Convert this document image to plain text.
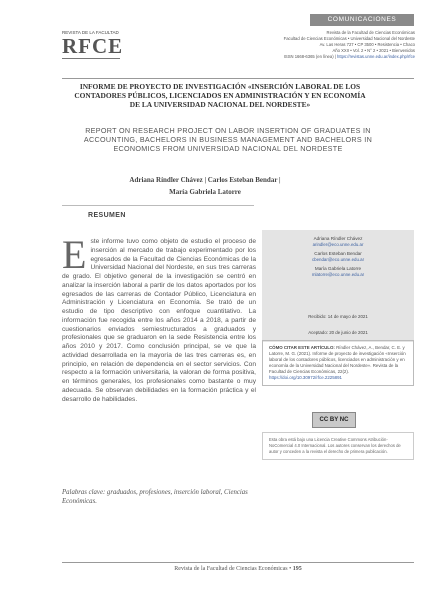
COMUNICACIONES
REVISTA DE LA FACULTAD
RFCE
Revista de la Facultad de Ciencias Económicas
Facultad de Ciencias Económicas • Universidad Nacional del Nordeste
Av. Las Heras 727 • CP 3500 • Resistencia • Chaco
Año XXII • Vol. 2 • N° 2 • 2021 • Bienvenidos
ISSN 1668-6365 (en línea) | https://revistas.unne.edu.ar/index.php/rfce
INFORME DE PROYECTO DE INVESTIGACIÓN «INSERCIÓN LABORAL DE LOS CONTADORES PÚBLICOS, LICENCIADOS EN ADMINISTRACIÓN Y EN ECONOMÍA DE LA UNIVERSIDAD NACIONAL DEL NORDESTE»
REPORT ON RESEARCH PROJECT ON LABOR INSERTION OF GRADUATES IN ACCOUNTING, BACHELORS IN BUSINESS MANAGEMENT AND BACHELORS IN ECONOMICS FROM UNIVERSIDAD NACIONAL DEL NORDESTE
Adriana Ríndler Chávez | Carlos Esteban Bendar |
María Gabriela Latorre
RESUMEN
Este informe tuvo como objeto de estudio el proceso de inserción al mercado de trabajo experimentado por los egresados de la Facultad de Ciencias Económicas de la Universidad Nacional del Nordeste, en sus tres carreras de grado. El objetivo general de la investigación se centró en analizar la inserción laboral a partir de los datos aportados por los egresados de las carreras de Contador Público, Licenciatura en Administración y Licenciatura en Economía. Se trató de un estudio de tipo descriptivo con enfoque cuantitativo. La información fue recogida entre los años 2014 a 2018, a partir de cuestionarios enviados semiestructurados a graduados y profesionales que se graduaron en la sede Resistencia entre los años 2010 y 2017. Como conclusión principal, se ve que la actividad desarrollada en la mayoría de las tres carreras es, en principio, en relación de dependencia en el sector servicios. Con respecto a la formación universitaria, la valoran de forma positiva, en términos generales, los profesionales como bastante o muy adecuada. Se observan debilidades en la formación práctica y el desarrollo de habilidades.
Palabras clave: graduados, profesiones, inserción laboral, Ciencias Económicas.
Adriana Ríndler Chávez
arindler@eco.unne.edu.ar
Carlos Esteban Bendar
cbendar@eco.unne.edu.ar
María Gabriela Latorre
mlatorre@eco.unne.edu.ar
Recibido: 14 de mayo de 2021
Aceptado: 20 de junio de 2021
CÓMO CITAR ESTE ARTÍCULO: Ríndler Chávez, A., Bendar, C. E. y Latorre, M. G. (2021). Informe de proyecto de investigación «Inserción laboral de los contadores públicos, licenciados en administración y en economía de la Universidad Nacional del Nordeste». Revista de la Facultad de Ciencias Económicas, 22(2). https://doi.org/10.30972/rfce.2225891
CC BY NC
Esta obra está bajo una Licencia Creative Commons Atribución-NoComercial 4.0 Internacional. Los autores conservan los derechos de autor y conceden a la revista el derecho de primera publicación.
Revista de la Facultad de Ciencias Económicas • 195
